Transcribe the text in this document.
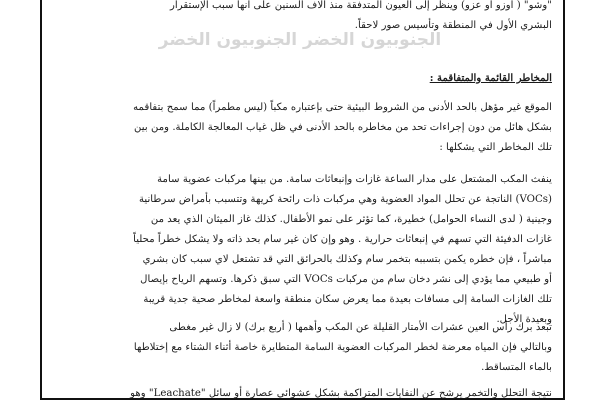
"وشو" ( أوزو أو عزو) وينظر إلى العيون المتدفقة منذ آلاف السنين على أنها سبب الإستقرار
البشري الأول في المنطقة وتأسيس صور لاحقاً.
الجنوبيون الخضر الجنوبيون الخضر
المخاطر القائمة والمتفاقمة :
الموقع غير مؤهل بالحد الأدنى من الشروط البيئية حتى بإعتباره مكباً (ليس مطمراً) مما سمح بتفاقمه
بشكل هائل من دون إجراءات تحد من مخاطره بالحد الأدنى في ظل غياب المعالجة الكاملة. ومن بين
تلك المخاطر التي يشكلها :
ينفث المكب المشتعل على مدار الساعة غازات وإنبعاثات سامة. من بينها مركبات عضوية سامة
(VOCs) الناتجة عن تحلل المواد العضوية وهي مركبات ذات رائحة كريهة وتتسبب بأمراض سرطانية
وجينية ( لدى النساء الحوامل) خطيرة، كما تؤثر على نمو الأطفال. كذلك غاز الميثان الذي يعد من
غازات الدفيئة التي تسهم في إنبعاثات حرارية . وهو وإن كان غير سام بحد ذاته ولا يشكل خطراً محلياً
مباشراً ، فإن خطره يكمن بتسببه بتخمر سام وكذلك بالحرائق التي قد تشتعل لاي سبب كان بشري
أو طبيعي مما يؤدي إلى نشر دخان سام من مركبات VOCs التي سبق ذكرها. وتسهم الرياح بإيصال
تلك الغازات السامة إلى مسافات بعيدة مما يعرض سكان منطقة واسعة لمخاطر صحية جدية قريبة
وبعيدة الأجل.
تبعد برك رأس العين عشرات الأمتار القليلة عن المكب وأهمها ( أربع برك) لا زال غير مغطى
وبالتالي فإن المياه معرضة لخطر المركبات العضوية السامة المتطايرة خاصة أثناء الشتاء مع إختلاطها
بالماء المتساقط.
نتيجة التحلل والتخمر يرشح عن النفايات المتراكمة بشكل عشوائي عصارة أو سائل "Leachate" وهو
